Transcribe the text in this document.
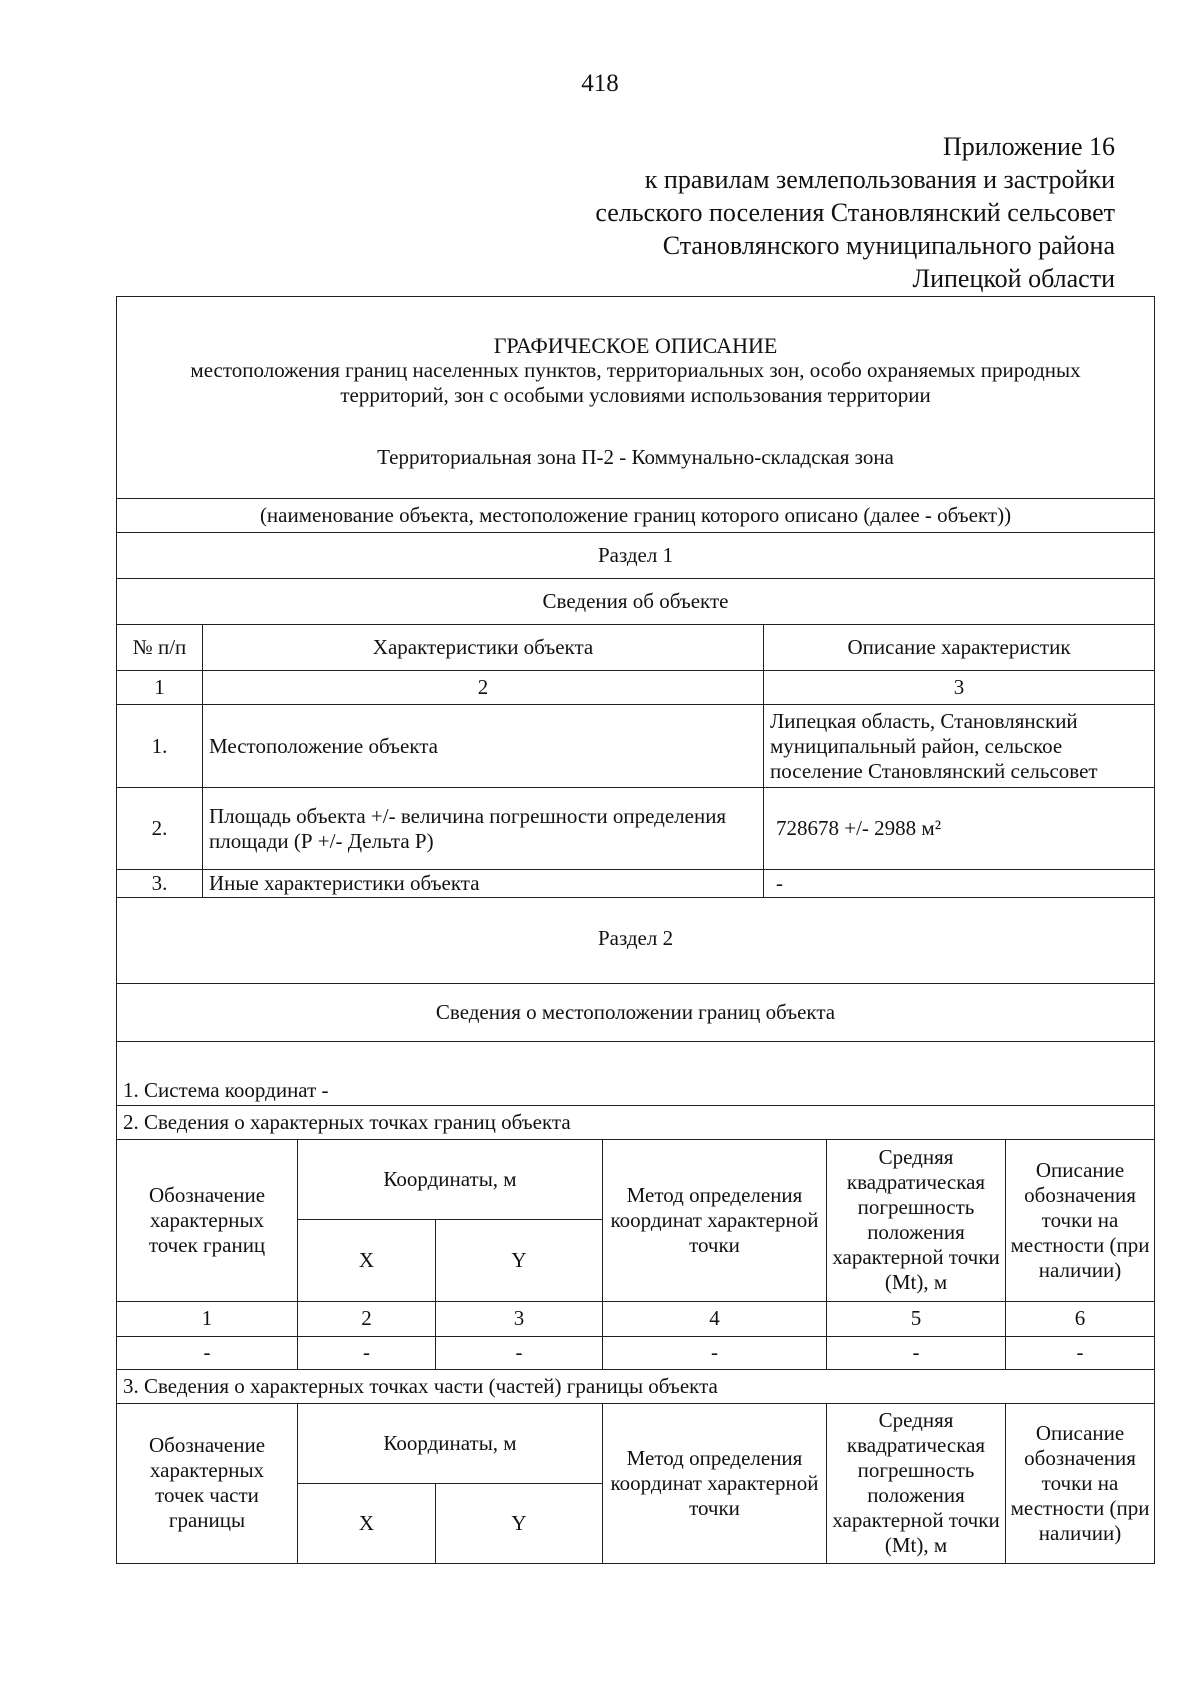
418
Приложение 16
к правилам землепользования и застройки
сельского поселения Становлянский сельсовет
Становлянского муниципального района
Липецкой области
ГРАФИЧЕСКОЕ ОПИСАНИЕ
местоположения границ населенных пунктов, территориальных зон, особо охраняемых природных
территорий, зон с особыми условиями использования территории
Территориальная зона П-2 - Коммунально-складская зона		

(наименование объекта, местоположение границ которого описано (далее - объект))		
Раздел 1		
Сведения об объекте		
№ п/п	Характеристики объекта	Описание характеристик
1	2	3
1.	Местоположение объекта	Липецкая область, Становлянский муниципальный район, сельское поселение Становлянский сельсовет
2.	Площадь объекта +/- величина погрешности определения площади (Р +/- Дельта Р)	728678 +/- 2988 м²
3.	Иные характеристики объекта	-
Раздел 2					
Сведения о местоположении границ объекта					
1. Система координат -					
2. Сведения о характерных точках границ объекта					
Обозначение характерных точек границ	Координаты, м		Метод определения координат характерной точки	Средняя квадратическая погрешность положения характерной точки (Mt), м	Описание обозначения точки на местности (при наличии)
	X	Y			
1	2	3	4	5	6
-	-	-	-	-	-
3. Сведения о характерных точках части (частей) границы объекта					
Обозначение характерных точек части границы	Координаты, м		Метод определения координат характерной точки	Средняя квадратическая погрешность положения характерной точки (Mt), м	Описание обозначения точки на местности (при наличии)
	X	Y			
